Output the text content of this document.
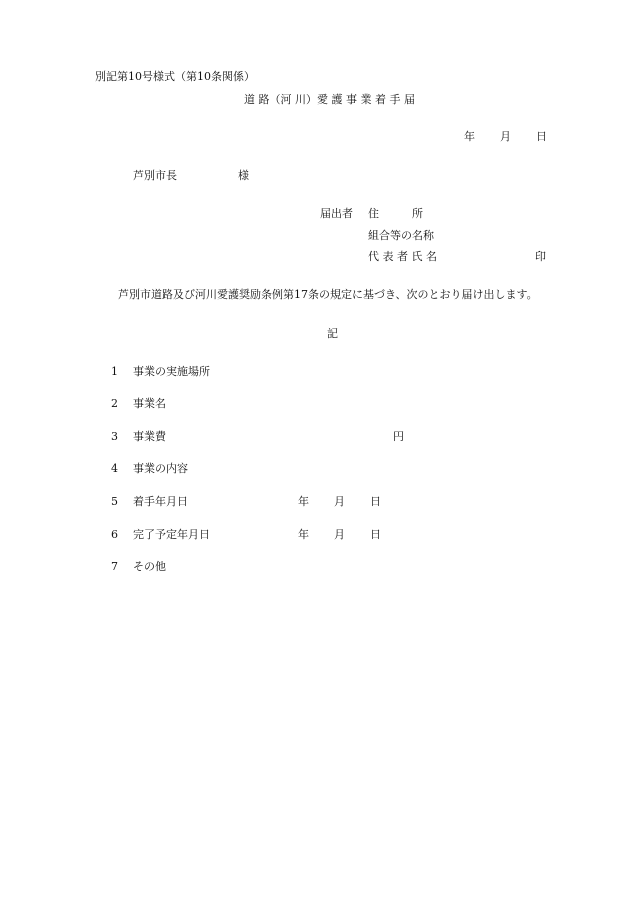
別記第10号様式（第10条関係）
道 路（河 川）愛 護 事 業 着 手 届
年 月 日
芦別市長	様
届出者 住　　　所
組合等の名称
代 表 者 氏 名	印
芦別市道路及び河川愛護奨励条例第17条の規定に基づき、次のとおり届け出します。
記
1 事業の実施場所
2 事業名
3 事業費	円
4 事業の内容
5 着手年月日	年 月 日
6 完了予定年月日	年 月 日
7 その他
